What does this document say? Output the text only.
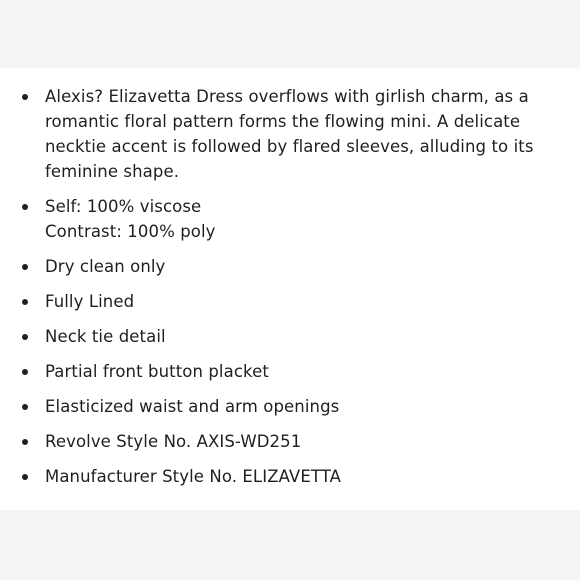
Alexis? Elizavetta Dress overflows with girlish charm, as a
romantic floral pattern forms the flowing mini. A delicate
necktie accent is followed by flared sleeves, alluding to its
feminine shape.
Self: 100% viscose
Contrast: 100% poly
Dry clean only
Fully Lined
Neck tie detail
Partial front button placket
Elasticized waist and arm openings
Revolve Style No. AXIS-WD251
Manufacturer Style No. ELIZAVETTA
